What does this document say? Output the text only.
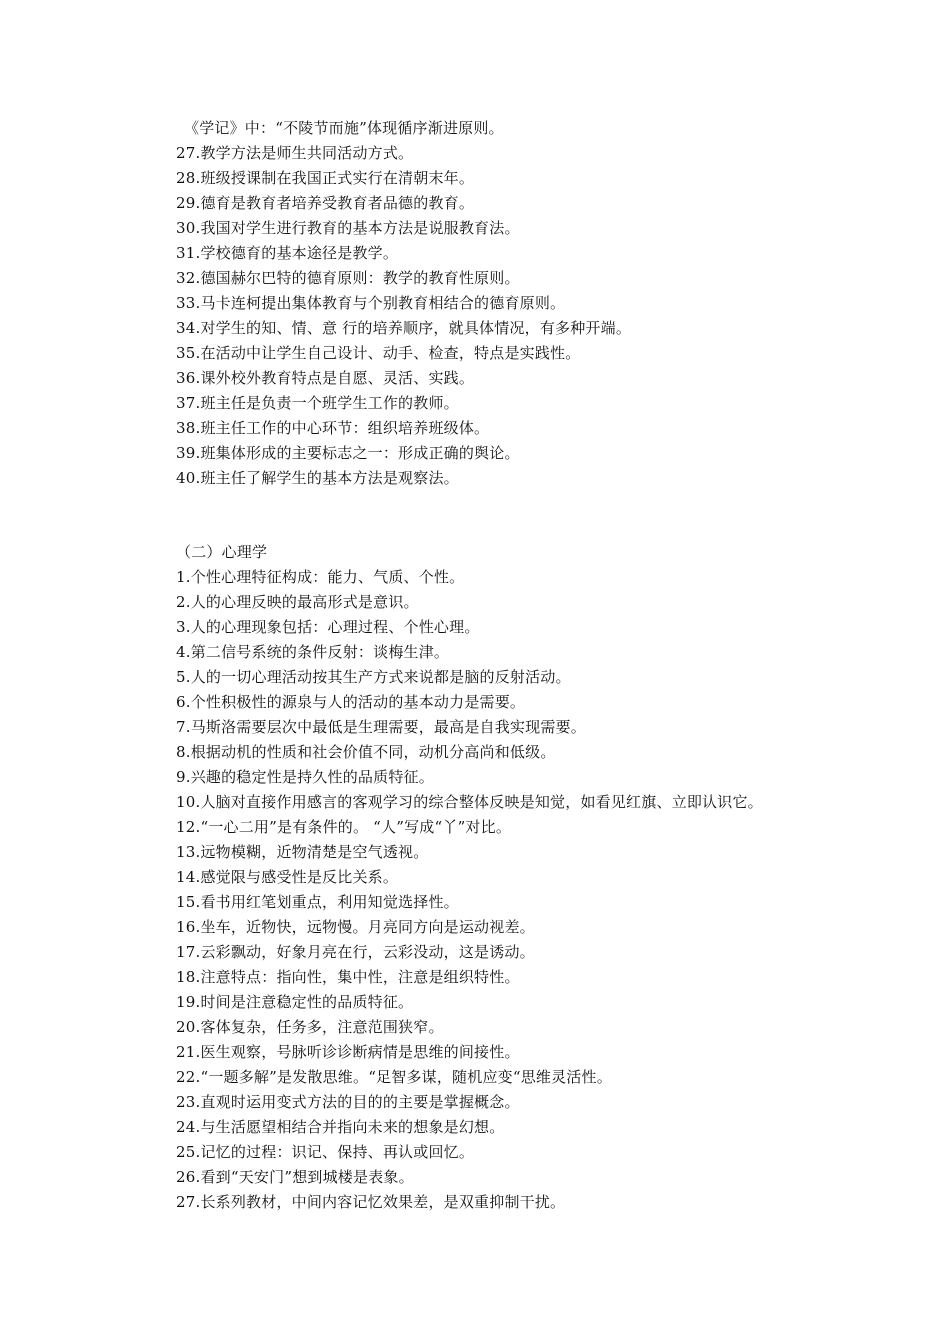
《学记》中：“不陵节而施”体现循序渐进原则。
27.教学方法是师生共同活动方式。
28.班级授课制在我国正式实行在清朝末年。
29.德育是教育者培养受教育者品德的教育。
30.我国对学生进行教育的基本方法是说服教育法。
31.学校德育的基本途径是教学。
32.德国赫尔巴特的德育原则：教学的教育性原则。
33.马卡连柯提出集体教育与个别教育相结合的德育原则。
34.对学生的知、情、意 行的培养顺序，就具体情况，有多种开端。
35.在活动中让学生自己设计、动手、检查，特点是实践性。
36.课外校外教育特点是自愿、灵活、实践。
37.班主任是负责一个班学生工作的教师。
38.班主任工作的中心环节：组织培养班级体。
39.班集体形成的主要标志之一：形成正确的舆论。
40.班主任了解学生的基本方法是观察法。
（二）心理学
1.个性心理特征构成：能力、气质、个性。
2.人的心理反映的最高形式是意识。
3.人的心理现象包括：心理过程、个性心理。
4.第二信号系统的条件反射：谈梅生津。
5.人的一切心理活动按其生产方式来说都是脑的反射活动。
6.个性积极性的源泉与人的活动的基本动力是需要。
7.马斯洛需要层次中最低是生理需要，最高是自我实现需要。
8.根据动机的性质和社会价值不同，动机分高尚和低级。
9.兴趣的稳定性是持久性的品质特征。
10.人脑对直接作用感言的客观学习的综合整体反映是知觉，如看见红旗、立即认识它。
12.“一心二用”是有条件的。 “人”写成“丫”对比。
13.远物模糊，近物清楚是空气透视。
14.感觉限与感受性是反比关系。
15.看书用红笔划重点，利用知觉选择性。
16.坐车，近物快，远物慢。月亮同方向是运动视差。
17.云彩飘动，好象月亮在行，云彩没动，这是诱动。
18.注意特点：指向性，集中性，注意是组织特性。
19.时间是注意稳定性的品质特征。
20.客体复杂，任务多，注意范围狭窄。
21.医生观察，号脉听诊诊断病情是思维的间接性。
22.“一题多解”是发散思维。“足智多谋，随机应变“思维灵活性。
23.直观时运用变式方法的目的的主要是掌握概念。
24.与生活愿望相结合并指向未来的想象是幻想。
25.记忆的过程：识记、保持、再认或回忆。
26.看到“天安门”想到城楼是表象。
27.长系列教材，中间内容记忆效果差，是双重抑制干扰。
